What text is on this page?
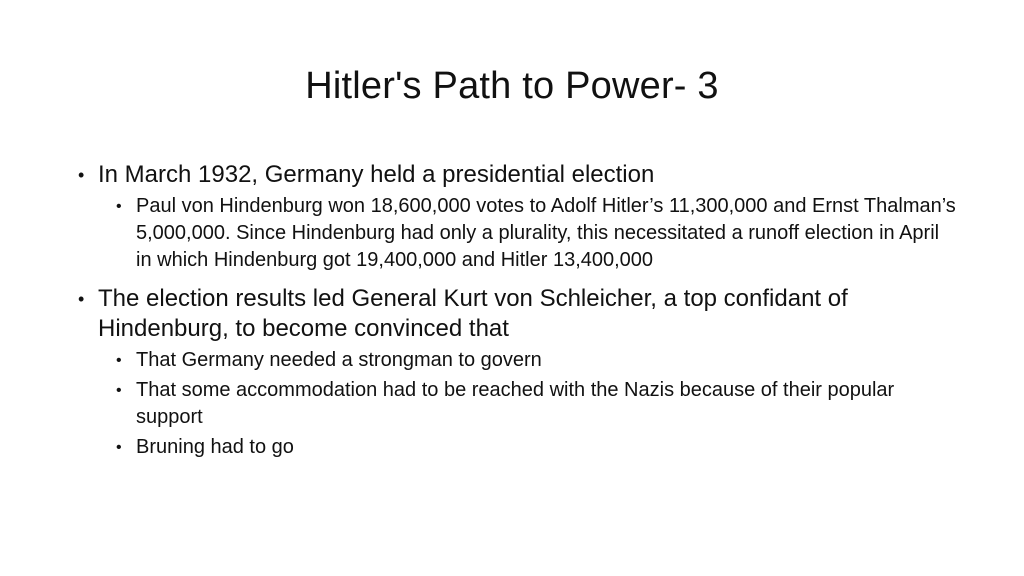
Hitler's Path to Power- 3
• In March 1932, Germany held a presidential election
• Paul von Hindenburg won 18,600,000 votes to Adolf Hitler’s 11,300,000 and Ernst Thalman’s 5,000,000. Since Hindenburg had only a plurality, this necessitated a runoff election in April in which Hindenburg got 19,400,000 and Hitler 13,400,000
• The election results led General Kurt von Schleicher, a top confidant of Hindenburg, to become convinced that
• That Germany needed a strongman to govern
• That some accommodation had to be reached with the Nazis because of their popular support
• Bruning had to go
